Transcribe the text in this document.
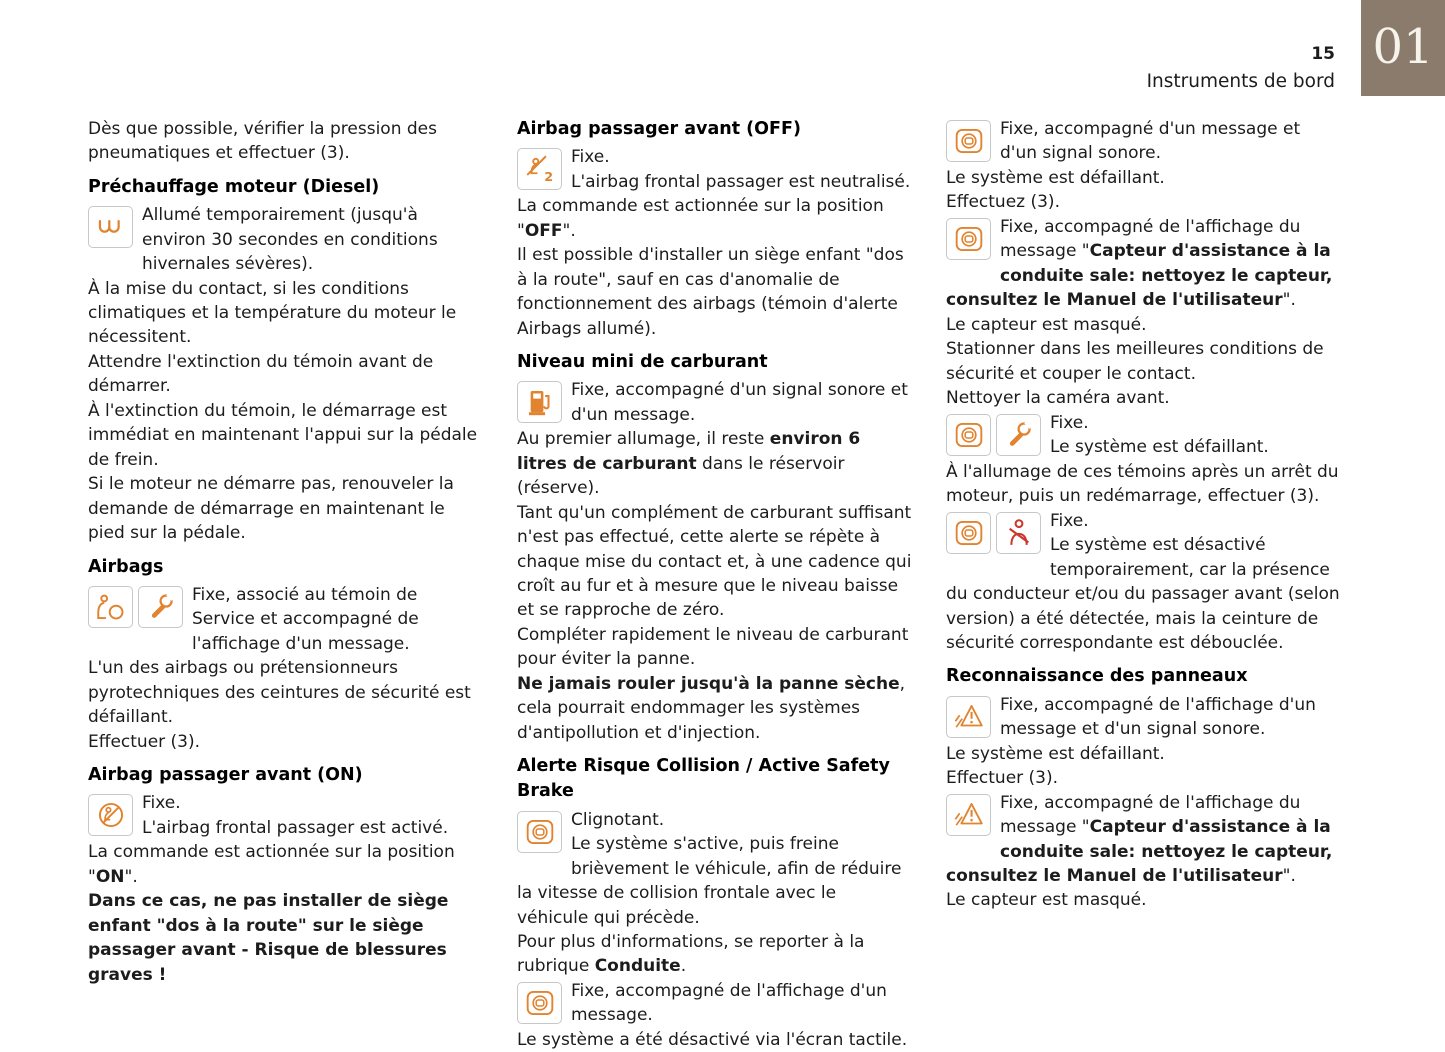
01
15
Instruments de bord

Dès que possible, vérifier la pression des pneumatiques et effectuer (3).

Préchauffage moteur (Diesel)

Allumé temporairement (jusqu'à environ 30 secondes en conditions hivernales sévères).

À la mise du contact, si les conditions climatiques et la température du moteur le nécessitent.

Attendre l'extinction du témoin avant de démarrer.

À l'extinction du témoin, le démarrage est immédiat en maintenant l'appui sur la pédale de frein.

Si le moteur ne démarre pas, renouveler la demande de démarrage en maintenant le pied sur la pédale.

Airbags

Fixe, associé au témoin de Service et accompagné de l'affichage d'un message.

L'un des airbags ou prétensionneurs pyrotechniques des ceintures de sécurité est défaillant.

Effectuer (3).

Airbag passager avant (ON)

Fixe.
L'airbag frontal passager est activé.

La commande est actionnée sur la position "ON".

Dans ce cas, ne pas installer de siège enfant "dos à la route" sur le siège passager avant - Risque de blessures graves !

Airbag passager avant (OFF)

2
Fixe.
L'airbag frontal passager est neutralisé.

La commande est actionnée sur la position "OFF".

Il est possible d'installer un siège enfant "dos à la route", sauf en cas d'anomalie de fonctionnement des airbags (témoin d'alerte Airbags allumé).

Niveau mini de carburant

Fixe, accompagné d'un signal sonore et d'un message.

Au premier allumage, il reste environ 6 litres de carburant dans le réservoir (réserve).

Tant qu'un complément de carburant suffisant n'est pas effectué, cette alerte se répète à chaque mise du contact et, à une cadence qui croît au fur et à mesure que le niveau baisse et se rapproche de zéro.

Compléter rapidement le niveau de carburant pour éviter la panne.

Ne jamais rouler jusqu'à la panne sèche, cela pourrait endommager les systèmes d'antipollution et d'injection.

Alerte Risque Collision / Active Safety Brake

Clignotant.
Le système s'active, puis freine brièvement le véhicule, afin de réduire la vitesse de collision frontale avec le véhicule qui précède.

Pour plus d'informations, se reporter à la rubrique Conduite.

Fixe, accompagné de l'affichage d'un message.

Le système a été désactivé via l'écran tactile.

Fixe, accompagné d'un message et d'un signal sonore.

Le système est défaillant.

Effectuez (3).

Fixe, accompagné de l'affichage du message "Capteur d'assistance à la conduite sale: nettoyez le capteur, consultez le Manuel de l'utilisateur".

Le capteur est masqué.

Stationner dans les meilleures conditions de sécurité et couper le contact.

Nettoyer la caméra avant.

Fixe.
Le système est défaillant.

À l'allumage de ces témoins après un arrêt du moteur, puis un redémarrage, effectuer (3).

Fixe.
Le système est désactivé temporairement, car la présence du conducteur et/ou du passager avant (selon version) a été détectée, mais la ceinture de sécurité correspondante est débouclée.

Reconnaissance des panneaux

Fixe, accompagné de l'affichage d'un message et d'un signal sonore.

Le système est défaillant.

Effectuer (3).

Fixe, accompagné de l'affichage du message "Capteur d'assistance à la conduite sale: nettoyez le capteur, consultez le Manuel de l'utilisateur".

Le capteur est masqué.
